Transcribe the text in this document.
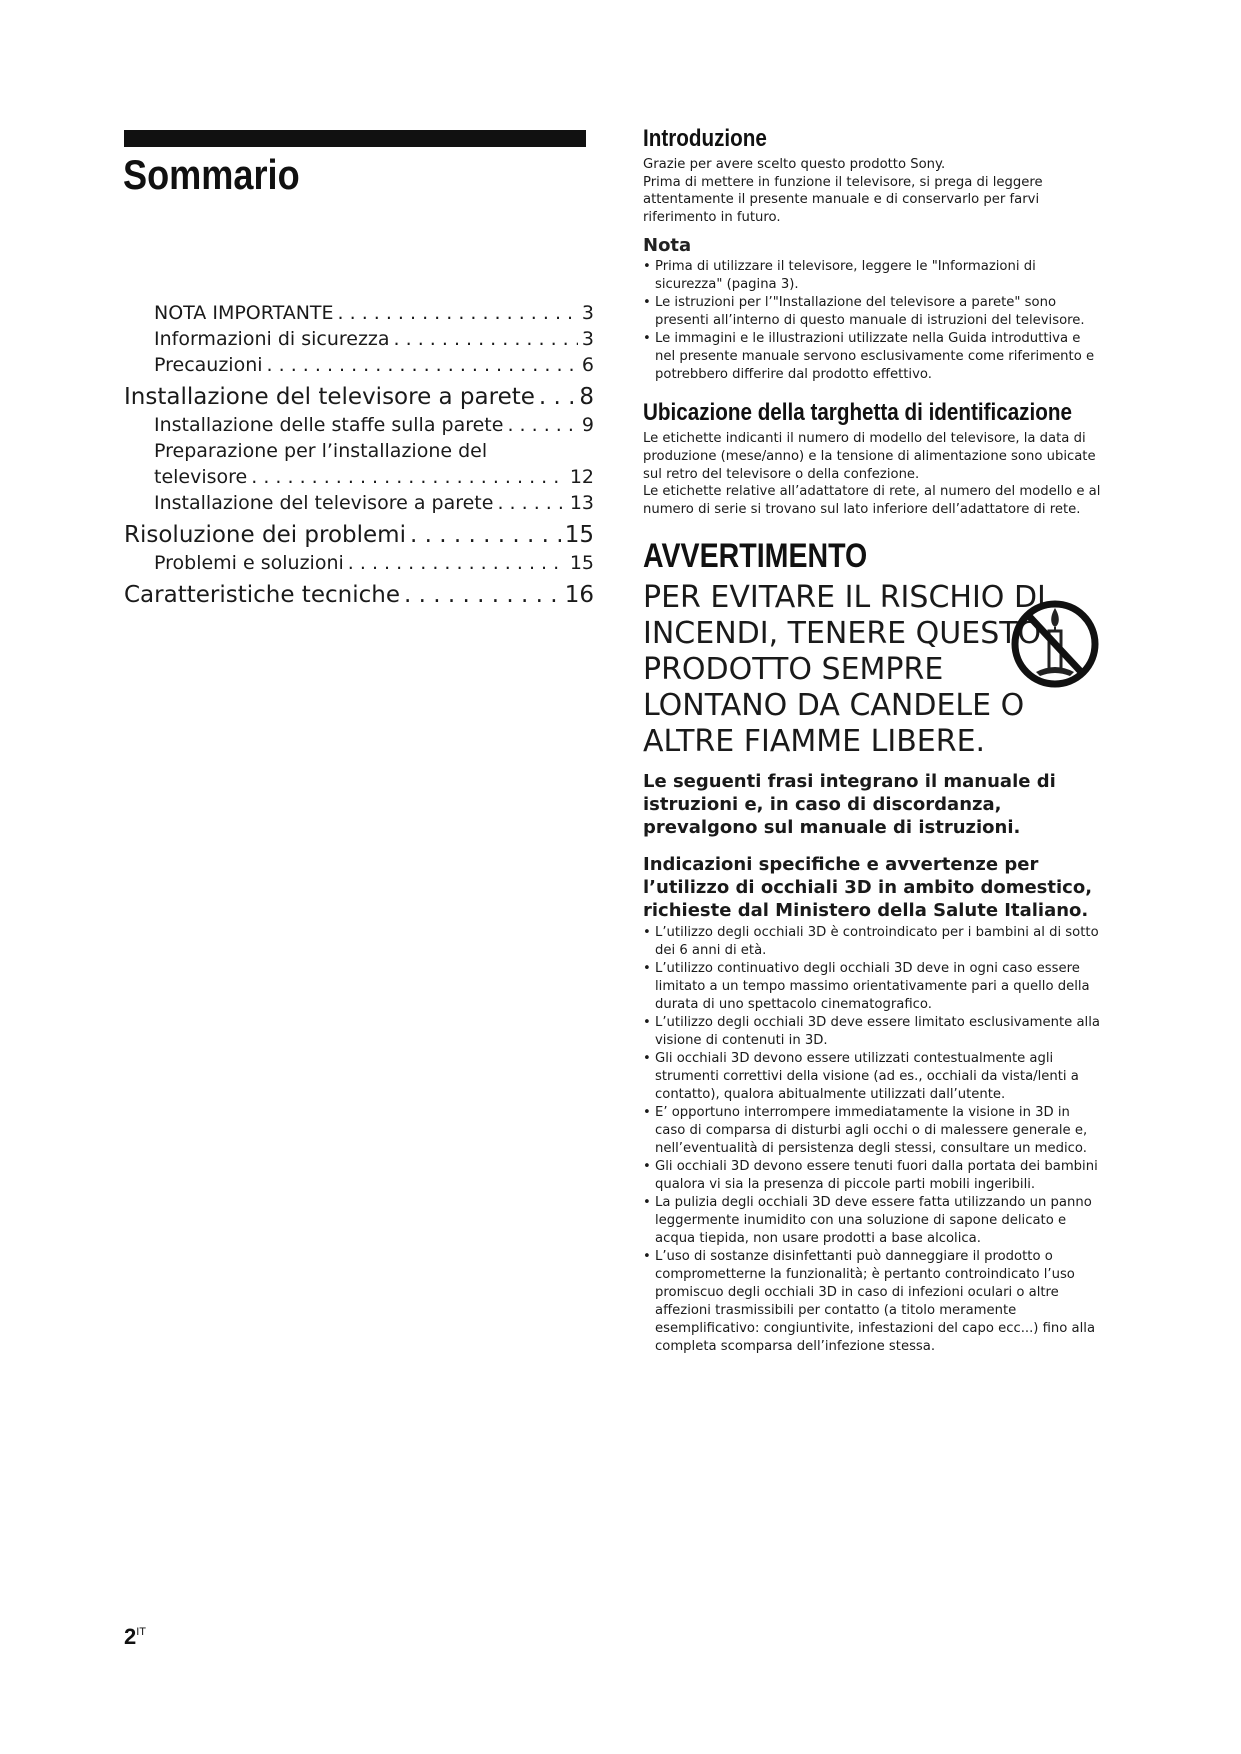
Sommario
NOTA IMPORTANTE . . .	3
Informazioni di sicurezza . . .	3
Precauzioni . . .	6
Installazione del televisore a parete . . . 8
Installazione delle staffe sulla parete . . .	9
Preparazione per l’installazione del
televisore . . .	12
Installazione del televisore a parete . . .	13
Risoluzione dei problemi . . .	15
Problemi e soluzioni . . .	15
Caratteristiche tecniche . . .	16
Introduzione

Grazie per avere scelto questo prodotto Sony.

Prima di mettere in funzione il televisore, si prega di leggere attentamente il presente manuale e di conservarlo per farvi riferimento in futuro.

Nota
• Prima di utilizzare il televisore, leggere le "Informazioni di sicurezza" (pagina 3).
• Le istruzioni per l’"Installazione del televisore a parete" sono presenti all’interno di questo manuale di istruzioni del televisore.
• Le immagini e le illustrazioni utilizzate nella Guida introduttiva e nel presente manuale servono esclusivamente come riferimento e potrebbero differire dal prodotto effettivo.
Ubicazione della targhetta di identificazione

Le etichette indicanti il numero di modello del televisore, la data di produzione (mese/anno) e la tensione di alimentazione sono ubicate sul retro del televisore o della confezione.

Le etichette relative all’adattatore di rete, al numero del modello e al numero di serie si trovano sul lato inferiore dell’adattatore di rete.

AVVERTIMENTO

PER EVITARE IL RISCHIO DI INCENDI, TENERE QUESTO PRODOTTO SEMPRE LONTANO DA CANDELE O ALTRE FIAMME LIBERE.

Le seguenti frasi integrano il manuale di istruzioni e, in caso di discordanza, prevalgono sul manuale di istruzioni.

Indicazioni specifiche e avvertenze per l’utilizzo di occhiali 3D in ambito domestico, richieste dal Ministero della Salute Italiano.

• L’utilizzo degli occhiali 3D è controindicato per i bambini al di sotto dei 6 anni di età.
• L’utilizzo continuativo degli occhiali 3D deve in ogni caso essere limitato a un tempo massimo orientativamente pari a quello della durata di uno spettacolo cinematografico.
• L’utilizzo degli occhiali 3D deve essere limitato esclusivamente alla visione di contenuti in 3D.
• Gli occhiali 3D devono essere utilizzati contestualmente agli strumenti correttivi della visione (ad es., occhiali da vista/lenti a contatto), qualora abitualmente utilizzati dall’utente.
• E’ opportuno interrompere immediatamente la visione in 3D in caso di comparsa di disturbi agli occhi o di malessere generale e, nell’eventualità di persistenza degli stessi, consultare un medico.
• Gli occhiali 3D devono essere tenuti fuori dalla portata dei bambini qualora vi sia la presenza di piccole parti mobili ingeribili.
• La pulizia degli occhiali 3D deve essere fatta utilizzando un panno leggermente inumidito con una soluzione di sapone delicato e acqua tiepida, non usare prodotti a base alcolica.
• L’uso di sostanze disinfettanti può danneggiare il prodotto o comprometterne la funzionalità; è pertanto controindicato l’uso promiscuo degli occhiali 3D in caso di infezioni oculari o altre affezioni trasmissibili per contatto (a titolo meramente esemplificativo: congiuntivite, infestazioni del capo ecc...) fino alla completa scomparsa dell’infezione stessa.
$2^{IT}$
